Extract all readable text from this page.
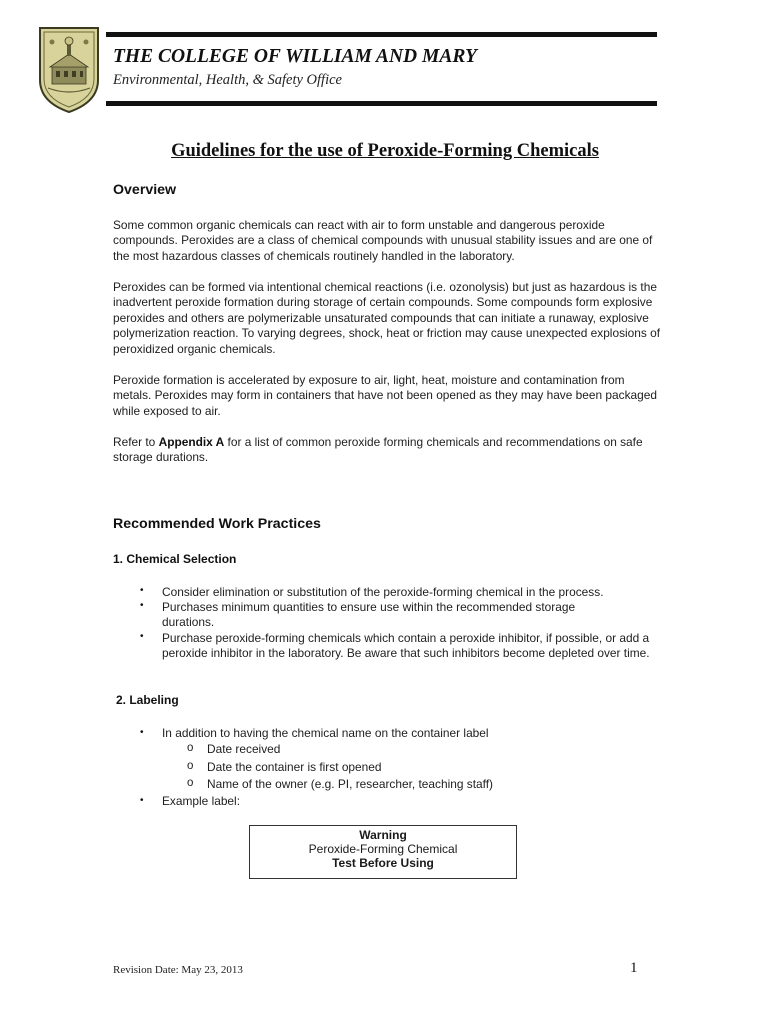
THE COLLEGE OF WILLIAM AND MARY
Environmental, Health, & Safety Office
Guidelines for the use of Peroxide-Forming Chemicals
Overview
Some common organic chemicals can react with air to form unstable and dangerous peroxide compounds. Peroxides are a class of chemical compounds with unusual stability issues and are one of the most hazardous classes of chemicals routinely handled in the laboratory.
Peroxides can be formed via intentional chemical reactions (i.e. ozonolysis) but just as hazardous is the inadvertent peroxide formation during storage of certain compounds. Some compounds form explosive peroxides and others are polymerizable unsaturated compounds that can initiate a runaway, explosive polymerization reaction. To varying degrees, shock, heat or friction may cause unexpected explosions of peroxidized organic chemicals.
Peroxide formation is accelerated by exposure to air, light, heat, moisture and contamination from metals. Peroxides may form in containers that have not been opened as they may have been packaged while exposed to air.
Refer to Appendix A for a list of common peroxide forming chemicals and recommendations on safe storage durations.
Recommended Work Practices
1. Chemical Selection
• Consider elimination or substitution of the peroxide-forming chemical in the process.
• Purchases minimum quantities to ensure use within the recommended storage durations.
• Purchase peroxide-forming chemicals which contain a peroxide inhibitor, if possible, or add a peroxide inhibitor in the laboratory. Be aware that such inhibitors become depleted over time.
2. Labeling
• In addition to having the chemical name on the container label
o Date received
o Date the container is first opened
o Name of the owner (e.g. PI, researcher, teaching staff)
• Example label:
Warning
Peroxide-Forming Chemical
Test Before Using
Revision Date: May 23, 2013	1
